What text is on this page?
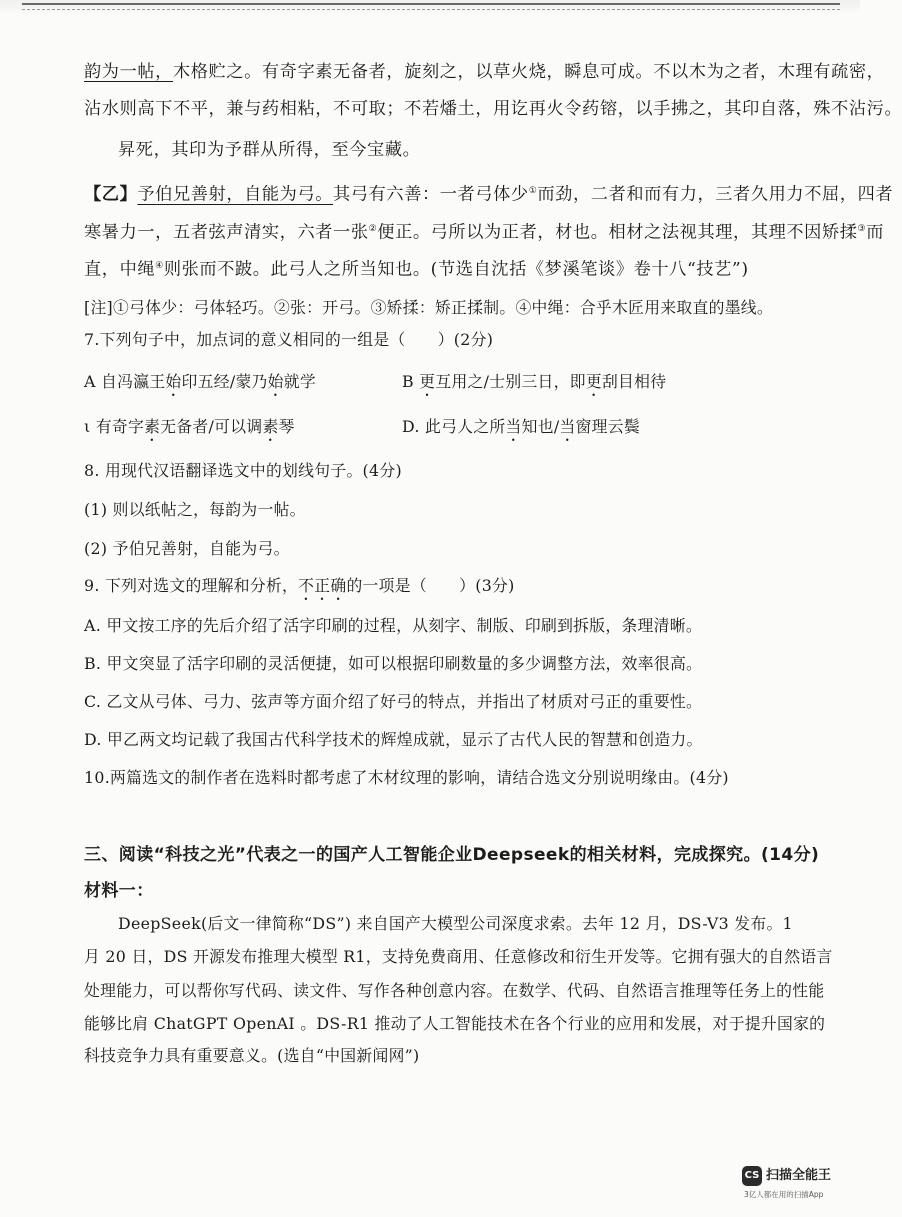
韵为一帖，木格贮之。有奇字素无备者，旋刻之，以草火烧，瞬息可成。不以木为之者，木理有疏密，

沾水则高下不平，兼与药相粘，不可取；不若燔土，用讫再火令药镕，以手拂之，其印自落，殊不沾污。

昇死，其印为予群从所得，至今宝藏。

【乙】予伯兄善射，自能为弓。其弓有六善：一者弓体少①而劲，二者和而有力，三者久用力不屈，四者

寒暑力一，五者弦声清实，六者一张②便正。弓所以为正者，材也。相材之法视其理，其理不因矫揉③而

直，中绳④则张而不跛。此弓人之所当知也。(节选自沈括《梦溪笔谈》卷十八“技艺”)

[注]①弓体少：弓体轻巧。②张：开弓。③矫揉：矫正揉制。④中绳：合乎木匠用来取直的墨线。

7.下列句子中，加点词的意义相同的一组是（　　）(2分)

A 自冯瀛王始印五经/蒙乃始就学	B 更互用之/士别三日，即更刮目相待

ι 有奇字素无备者/可以调素琴	D. 此弓人之所当知也/当窗理云鬓

8. 用现代汉语翻译选文中的划线句子。(4分)

(1) 则以纸帖之，每韵为一帖。

(2) 予伯兄善射，自能为弓。

9. 下列对选文的理解和分析，不正确的一项是（　　）(3分)

A. 甲文按工序的先后介绍了活字印刷的过程，从刻字、制版、印刷到拆版，条理清晰。

B. 甲文突显了活字印刷的灵活便捷，如可以根据印刷数量的多少调整方法，效率很高。

C. 乙文从弓体、弓力、弦声等方面介绍了好弓的特点，并指出了材质对弓正的重要性。

D. 甲乙两文均记载了我国古代科学技术的辉煌成就，显示了古代人民的智慧和创造力。

10.两篇选文的制作者在选料时都考虑了木材纹理的影响，请结合选文分别说明缘由。(4分)

三、阅读“科技之光”代表之一的国产人工智能企业Deepseek的相关材料，完成探究。(14分)

材料一：

DeepSeek(后文一律简称“DS”) 来自国产大模型公司深度求索。去年 12 月，DS-V3 发布。1

月 20 日，DS 开源发布推理大模型 R1，支持免费商用、任意修改和衍生开发等。它拥有强大的自然语言

处理能力，可以帮你写代码、读文件、写作各种创意内容。在数学、代码、自然语言推理等任务上的性能

能够比肩 ChatGPT OpenAI 。DS-R1 推动了人工智能技术在各个行业的应用和发展，对于提升国家的

科技竞争力具有重要意义。(选自“中国新闻网”)

CS 扫描全能王
3亿人都在用的扫描App
